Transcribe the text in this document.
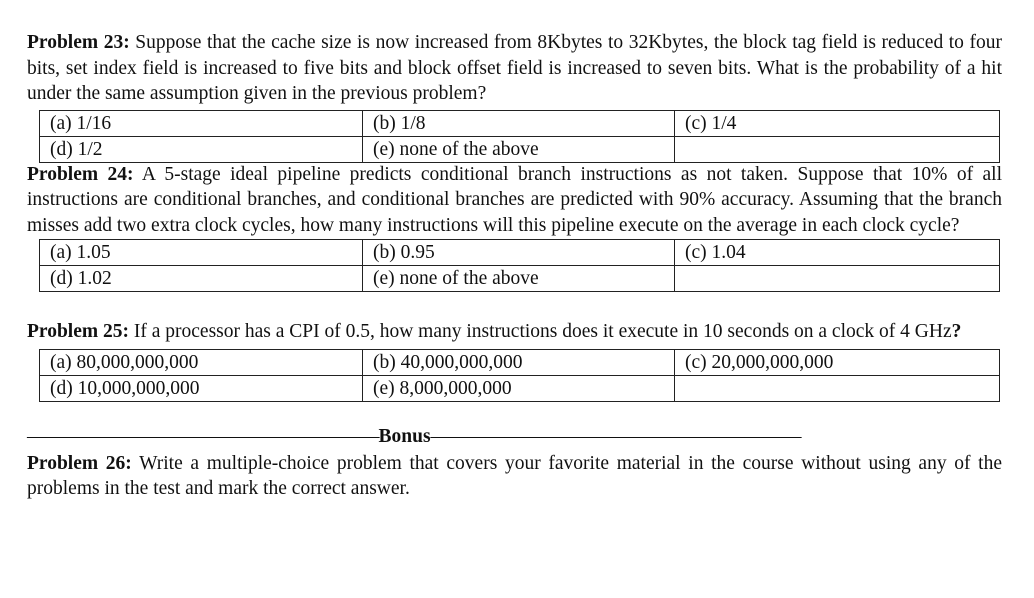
Problem 23: Suppose that the cache size is now increased from 8Kbytes to 32Kbytes, the block tag field is reduced to four bits, set index field is increased to five bits and block offset field is increased to seven bits. What is the probability of a hit under the same assumption given in the previous problem?

(a) 1/16	(b) 1/8	(c) 1/4
(d) 1/2	(e) none of the above	

Problem 24: A 5-stage ideal pipeline predicts conditional branch instructions as not taken. Suppose that 10% of all instructions are conditional branches, and conditional branches are predicted with 90% accuracy. Assuming that the branch misses add two extra clock cycles, how many instructions will this pipeline execute on the average in each clock cycle?

(a) 1.05	(b) 0.95	(c) 1.04
(d) 1.02	(e) none of the above	

Problem 25: If a processor has a CPI of 0.5, how many instructions does it execute in 10 seconds on a clock of 4 GHz?

(a) 80,000,000,000	(b) 40,000,000,000	(c) 20,000,000,000
(d) 10,000,000,000	(e) 8,000,000,000	
———————————————————Bonus————————————————————

Problem 26: Write a multiple-choice problem that covers your favorite material in the course without using any of the problems in the test and mark the correct answer.
